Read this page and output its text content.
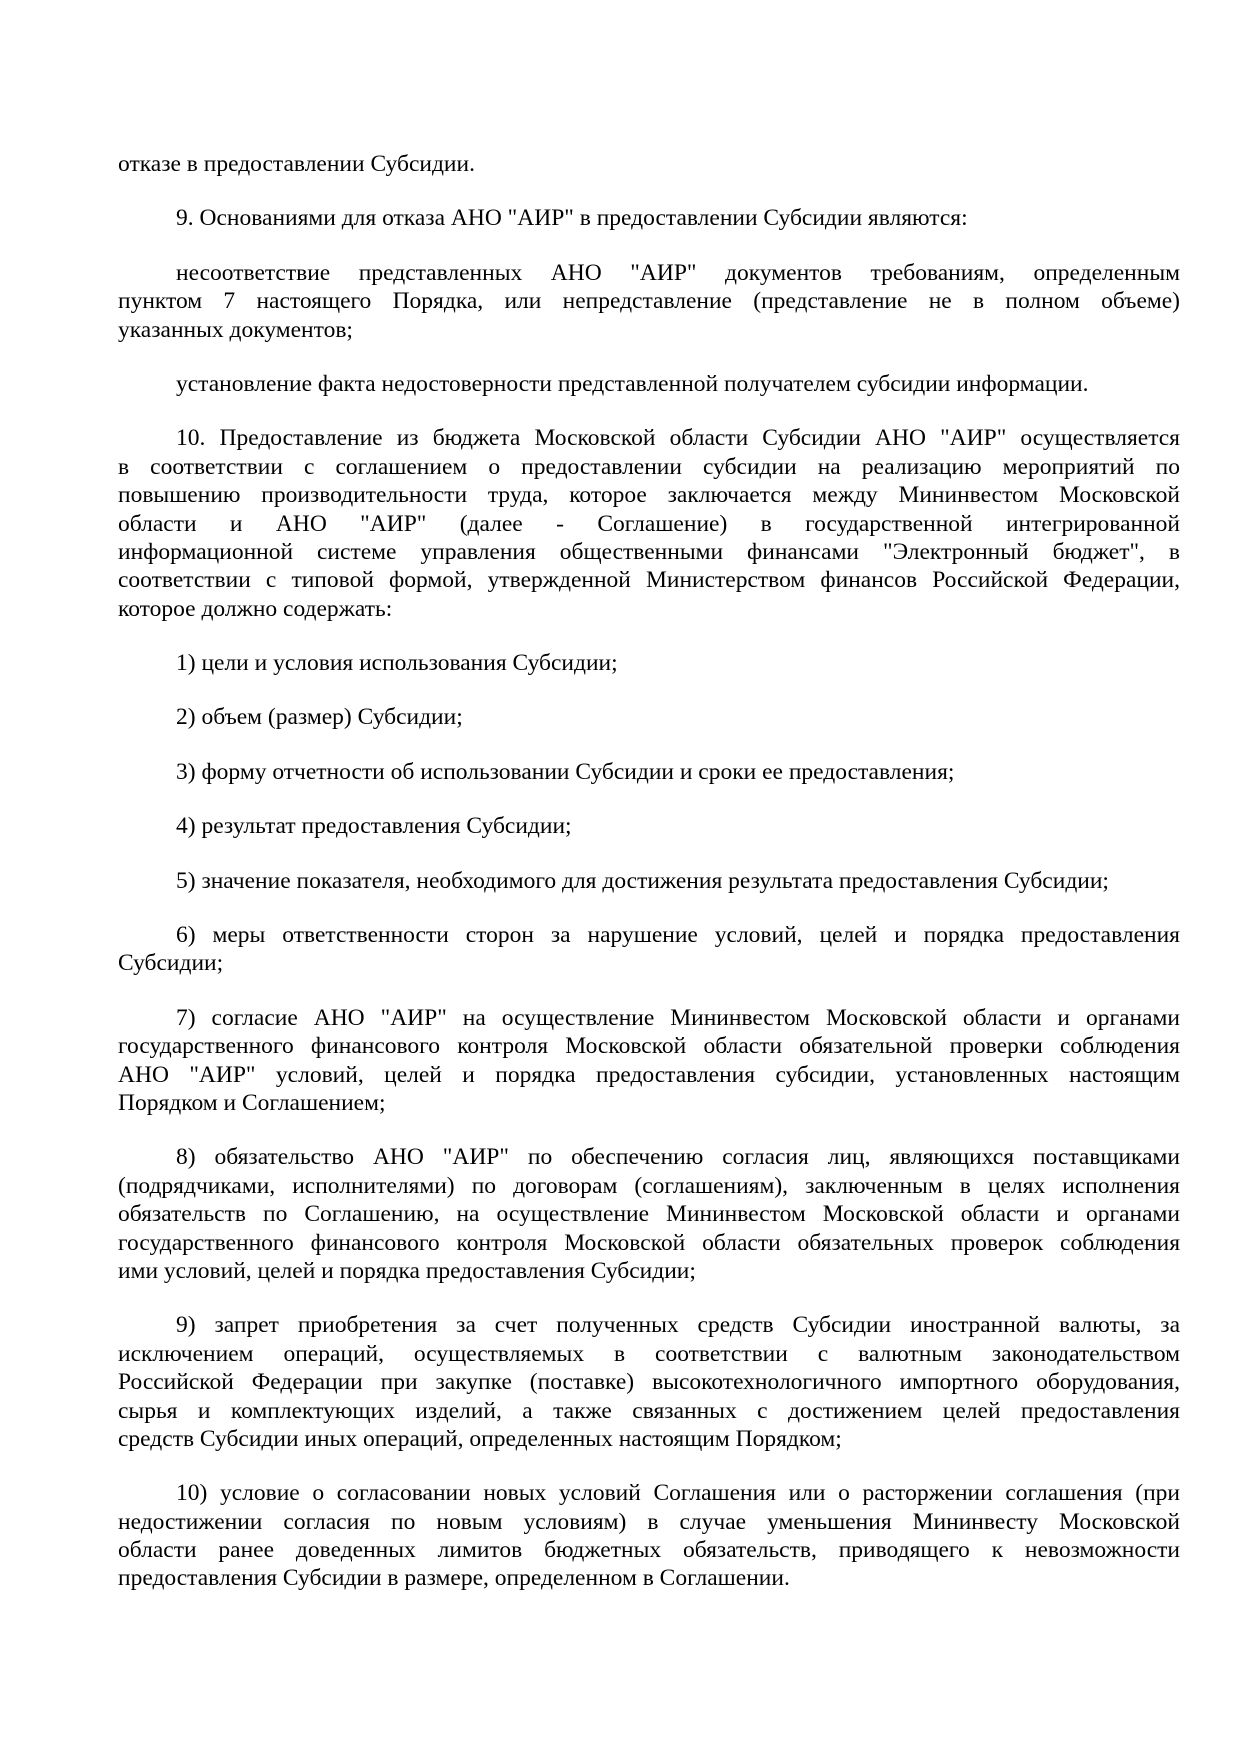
отказе в предоставлении Субсидии.

9. Основаниями для отказа АНО "АИР" в предоставлении Субсидии являются:

несоответствие представленных АНО "АИР" документов требованиям, определенным
пунктом 7 настоящего Порядка, или непредставление (представление не в полном объеме)
указанных документов;

установление факта недостоверности представленной получателем субсидии информации.

10. Предоставление из бюджета Московской области Субсидии АНО "АИР" осуществляется
в соответствии с соглашением о предоставлении субсидии на реализацию мероприятий по
повышению производительности труда, которое заключается между Мининвестом Московской
области и АНО "АИР" (далее - Соглашение) в государственной интегрированной
информационной системе управления общественными финансами "Электронный бюджет", в
соответствии с типовой формой, утвержденной Министерством финансов Российской Федерации,
которое должно содержать:

1) цели и условия использования Субсидии;

2) объем (размер) Субсидии;

3) форму отчетности об использовании Субсидии и сроки ее предоставления;

4) результат предоставления Субсидии;

5) значение показателя, необходимого для достижения результата предоставления Субсидии;

6) меры ответственности сторон за нарушение условий, целей и порядка предоставления
Субсидии;

7) согласие АНО "АИР" на осуществление Мининвестом Московской области и органами
государственного финансового контроля Московской области обязательной проверки соблюдения
АНО "АИР" условий, целей и порядка предоставления субсидии, установленных настоящим
Порядком и Соглашением;

8) обязательство АНО "АИР" по обеспечению согласия лиц, являющихся поставщиками
(подрядчиками, исполнителями) по договорам (соглашениям), заключенным в целях исполнения
обязательств по Соглашению, на осуществление Мининвестом Московской области и органами
государственного финансового контроля Московской области обязательных проверок соблюдения
ими условий, целей и порядка предоставления Субсидии;

9) запрет приобретения за счет полученных средств Субсидии иностранной валюты, за
исключением операций, осуществляемых в соответствии с валютным законодательством
Российской Федерации при закупке (поставке) высокотехнологичного импортного оборудования,
сырья и комплектующих изделий, а также связанных с достижением целей предоставления
средств Субсидии иных операций, определенных настоящим Порядком;

10) условие о согласовании новых условий Соглашения или о расторжении соглашения (при
недостижении согласия по новым условиям) в случае уменьшения Мининвесту Московской
области ранее доведенных лимитов бюджетных обязательств, приводящего к невозможности
предоставления Субсидии в размере, определенном в Соглашении.
